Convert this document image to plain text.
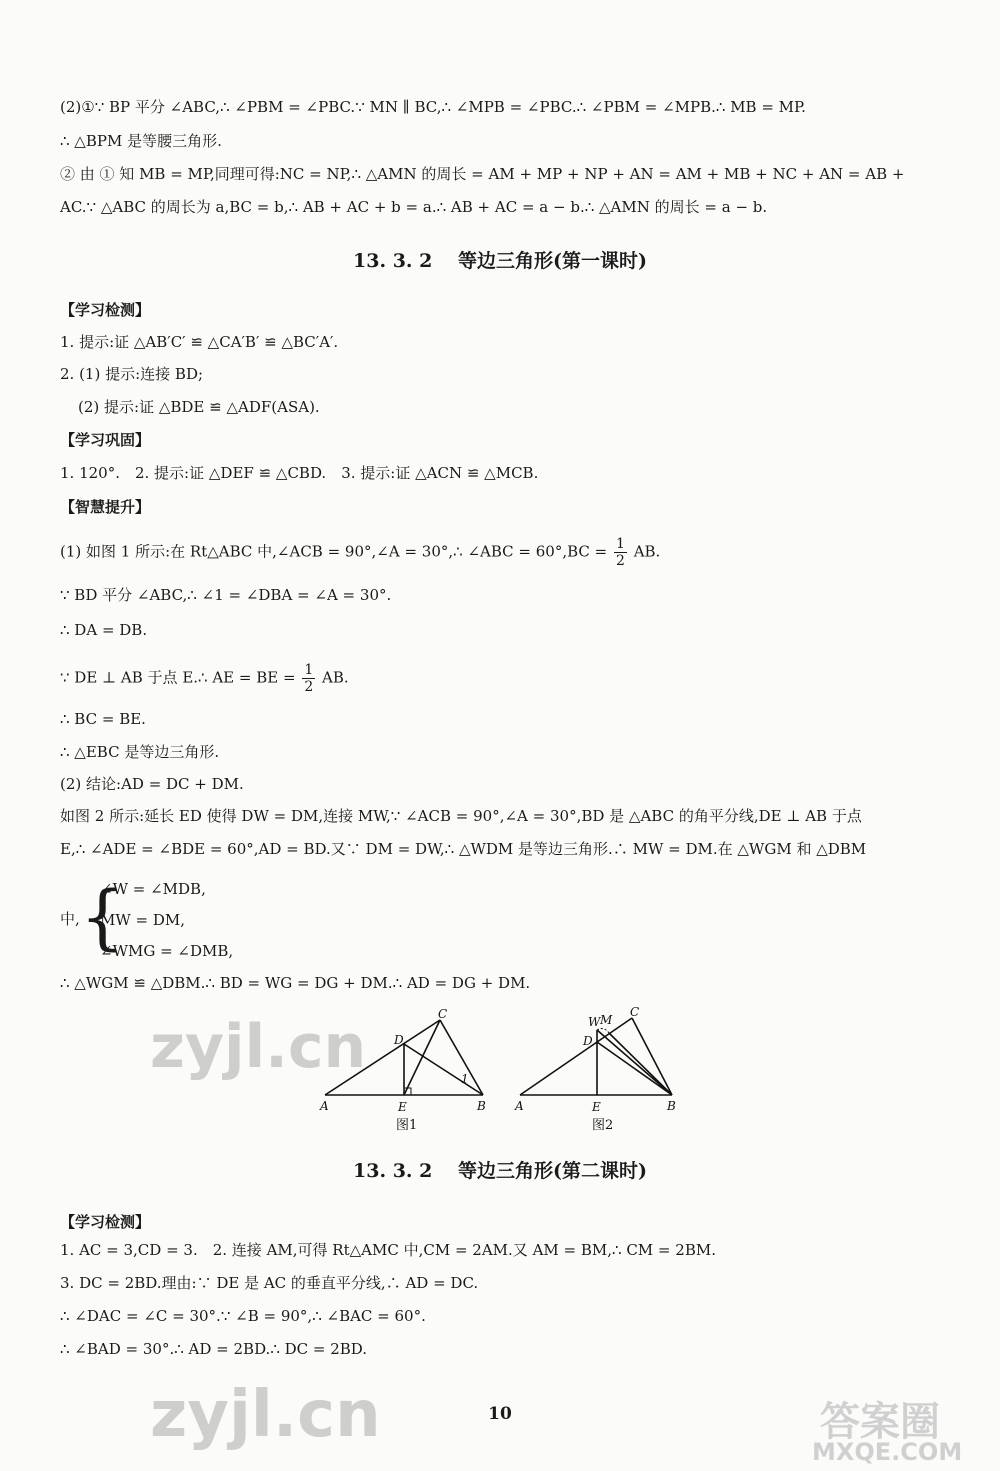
(2)①∵ BP 平分 ∠ABC,∴ ∠PBM = ∠PBC.∵ MN ∥ BC,∴ ∠MPB = ∠PBC.∴ ∠PBM = ∠MPB.∴ MB = MP.
∴ △BPM 是等腰三角形.
② 由 ① 知 MB = MP,同理可得:NC = NP,∴ △AMN 的周长 = AM + MP + NP + AN = AM + MB + NC + AN = AB +
AC.∵ △ABC 的周长为 a,BC = b,∴ AB + AC + b = a.∴ AB + AC = a − b.∴ △AMN 的周长 = a − b.
13. 3. 2　 等边三角形(第一课时)
【学习检测】
1. 提示:证 △AB′C′ ≌ △CA′B′ ≌ △BC′A′.
2. (1) 提示:连接 BD;
(2) 提示:证 △BDE ≌ △ADF(ASA).
【学习巩固】
1. 120°.　2. 提示:证 △DEF ≌ △CBD.　3. 提示:证 △ACN ≌ △MCB.
【智慧提升】
(1) 如图 1 所示:在 Rt△ABC 中,∠ACB = 90°,∠A = 30°,∴ ∠ABC = $60^\circ,BC = \frac{1}{2}$ AB.
∵ BD 平分 ∠ABC,∴ ∠1 = ∠DBA = ∠A = 30°.
∴ DA = DB.
∵ DE ⊥ AB 于点 E.∴ AE = BE = $\frac{1}{2}$ AB.
∴ BC = BE.
∴ △EBC 是等边三角形.
(2) 结论:AD = DC + DM.
如图 2 所示:延长 ED 使得 DW = DM,连接 MW,∵ ∠ACB = 90°,∠A = 30°,BD 是 △ABC 的角平分线,DE ⊥ AB 于点
E,∴ ∠ADE = ∠BDE = 60°,AD = BD.又∵ DM = DW,∴ △WDM 是等边三角形.∴ MW = DM.在 △WGM 和 △DBM
中, {
∠W = ∠MDB,
MW = DM,
∠WMG = ∠DMB,
∴ △WGM ≌ △DBM.∴ BD = WG = DG + DM.∴ AD = DG + DM.
A	B
C
D
E
1
图1
A	B
C
D
E
W M
图2
13. 3. 2　 等边三角形(第二课时)
【学习检测】
1. AC = 3,CD = 3.　2. 连接 AM,可得 Rt△AMC 中,CM = 2AM.又 AM = BM,∴ CM = 2BM.
3. DC = 2BD.理由:∵ DE 是 AC 的垂直平分线,∴ AD = DC.
∴ ∠DAC = ∠C = 30°.∵ ∠B = 90°,∴ ∠BAC = 60°.
∴ ∠BAD = 30°.∴ AD = 2BD.∴ DC = 2BD.
10
zyjl.cn
zyjl.cn	答案圈
MXQE.COM
